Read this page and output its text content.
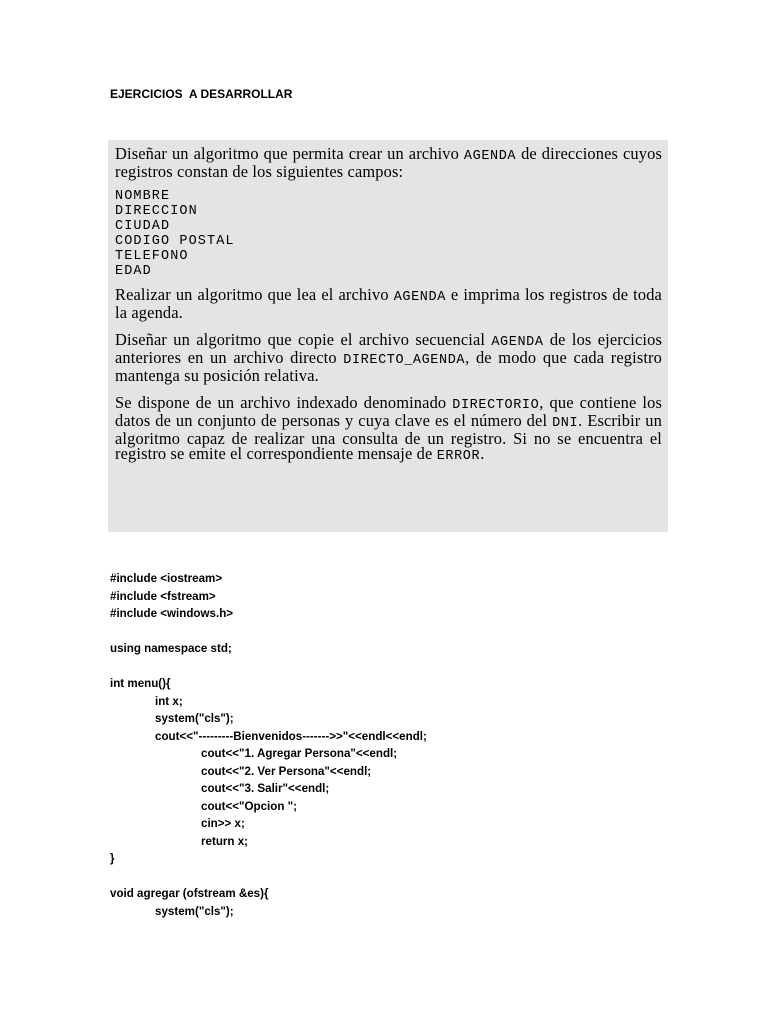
EJERCICIOS  A DESARROLLAR

Diseñar un algoritmo que permita crear un archivo AGENDA de direcciones cuyos registros constan de los siguientes campos:

NOMBRE
DIRECCION
CIUDAD
CODIGO POSTAL
TELEFONO
EDAD

Realizar un algoritmo que lea el archivo AGENDA e imprima los registros de toda la agenda.

Diseñar un algoritmo que copie el archivo secuencial AGENDA de los ejercicios anteriores en un archivo directo DIRECTO_AGENDA, de modo que cada registro mantenga su posición relativa.

Se dispone de un archivo indexado denominado DIRECTORIO, que contiene los datos de un conjunto de personas y cuya clave es el número del DNI. Escribir un algoritmo capaz de realizar una consulta de un registro. Si no se encuentra el registro se emite el correspondiente mensaje de ERROR.

#include <iostream>
#include <fstream>
#include <windows.h>
using namespace std;
int menu(){
int x;
system("cls");
cout<<"---------Bienvenidos------->>"<<endl<<endl;
cout<<"1. Agregar Persona"<<endl;
cout<<"2. Ver Persona"<<endl;
cout<<"3. Salir"<<endl;
cout<<"Opcion ";
cin>> x;
return x;
}
void agregar (ofstream &es){
system("cls");
